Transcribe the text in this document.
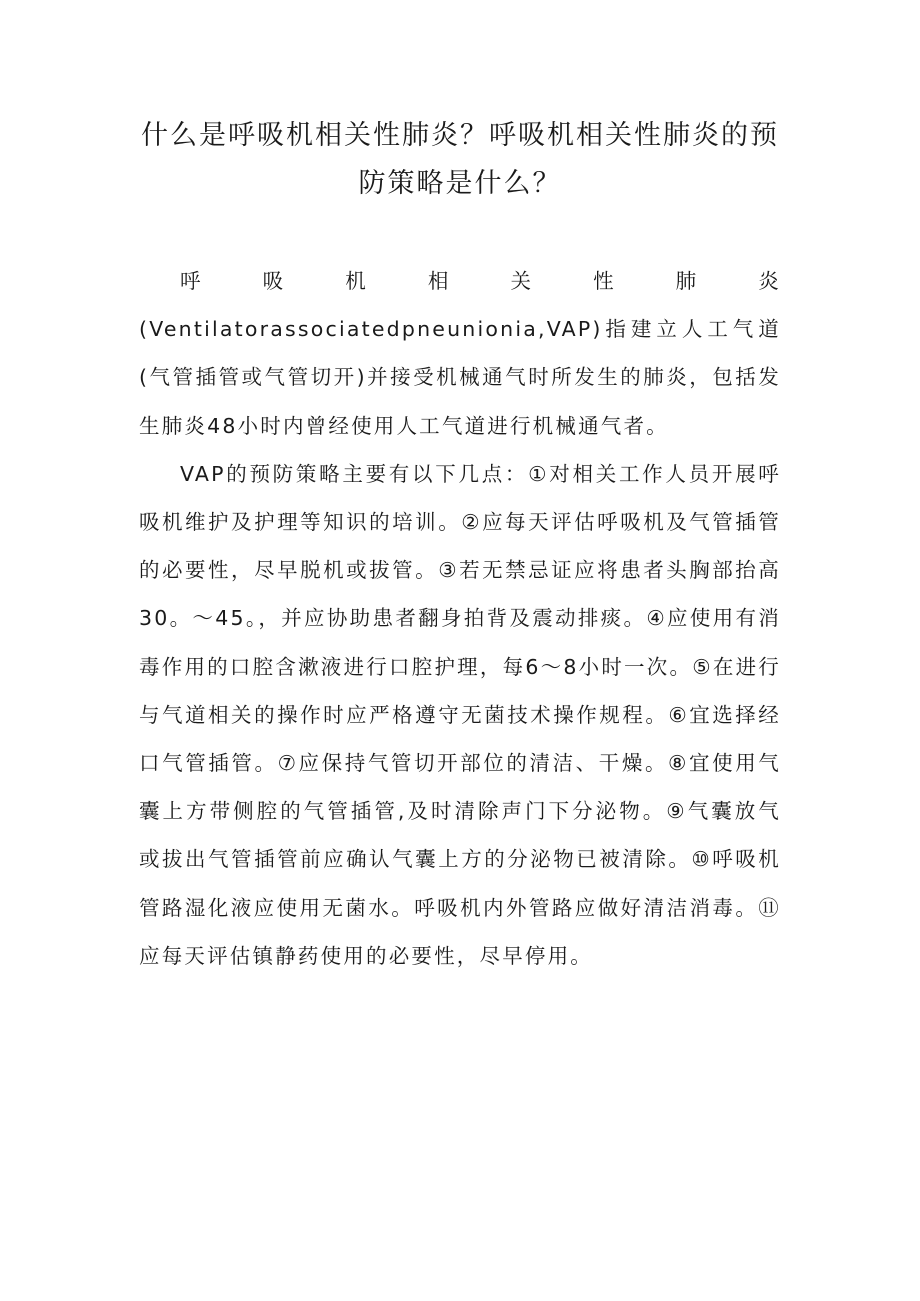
什么是呼吸机相关性肺炎？呼吸机相关性肺炎的预
防策略是什么？

呼吸机相关性肺炎(Ventilatorassociatedpneunionia,VAP)指建立人工气道(气管插管或气管切开)并接受机械通气时所发生的肺炎，包括发生肺炎48小时内曾经使用人工气道进行机械通气者。

VAP的预防策略主要有以下几点：①对相关工作人员开展呼吸机维护及护理等知识的培训。②应每天评估呼吸机及气管插管的必要性，尽早脱机或拔管。③若无禁忌证应将患者头胸部抬高30。〜45。，并应协助患者翻身拍背及震动排痰。④应使用有消毒作用的口腔含漱液进行口腔护理，每6〜8小时一次。⑤在进行与气道相关的操作时应严格遵守无菌技术操作规程。⑥宜选择经口气管插管。⑦应保持气管切开部位的清洁、干燥。⑧宜使用气囊上方带侧腔的气管插管,及时清除声门下分泌物。⑨气囊放气或拔出气管插管前应确认气囊上方的分泌物已被清除。⑩呼吸机管路湿化液应使用无菌水。呼吸机内外管路应做好清洁消毒。⑪应每天评估镇静药使用的必要性，尽早停用。
